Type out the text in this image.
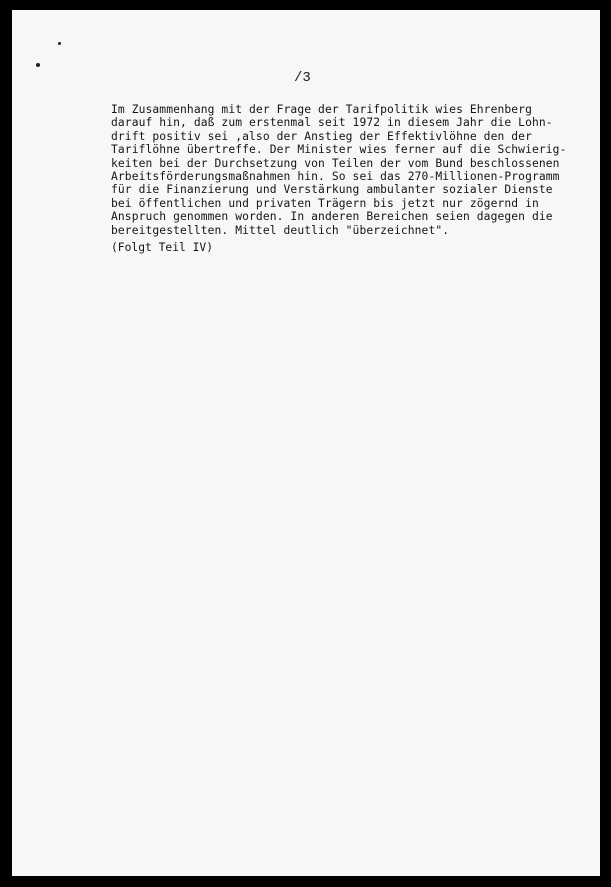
/3
Im Zusammenhang mit der Frage der Tarifpolitik wies Ehrenberg
darauf hin, daß zum erstenmal seit 1972 in diesem Jahr die Lohn-
drift positiv sei ,also der Anstieg der Effektivlöhne den der
Tariflöhne übertreffe. Der Minister wies ferner auf die Schwierig-
keiten bei der Durchsetzung von Teilen der vom Bund beschlossenen
Arbeitsförderungsmaßnahmen hin. So sei das 270-Millionen-Programm
für die Finanzierung und Verstärkung ambulanter sozialer Dienste
bei öffentlichen und privaten Trägern bis jetzt nur zögernd in
Anspruch genommen worden. In anderen Bereichen seien dagegen die
bereitgestellten. Mittel deutlich "überzeichnet".
(Folgt Teil IV)
